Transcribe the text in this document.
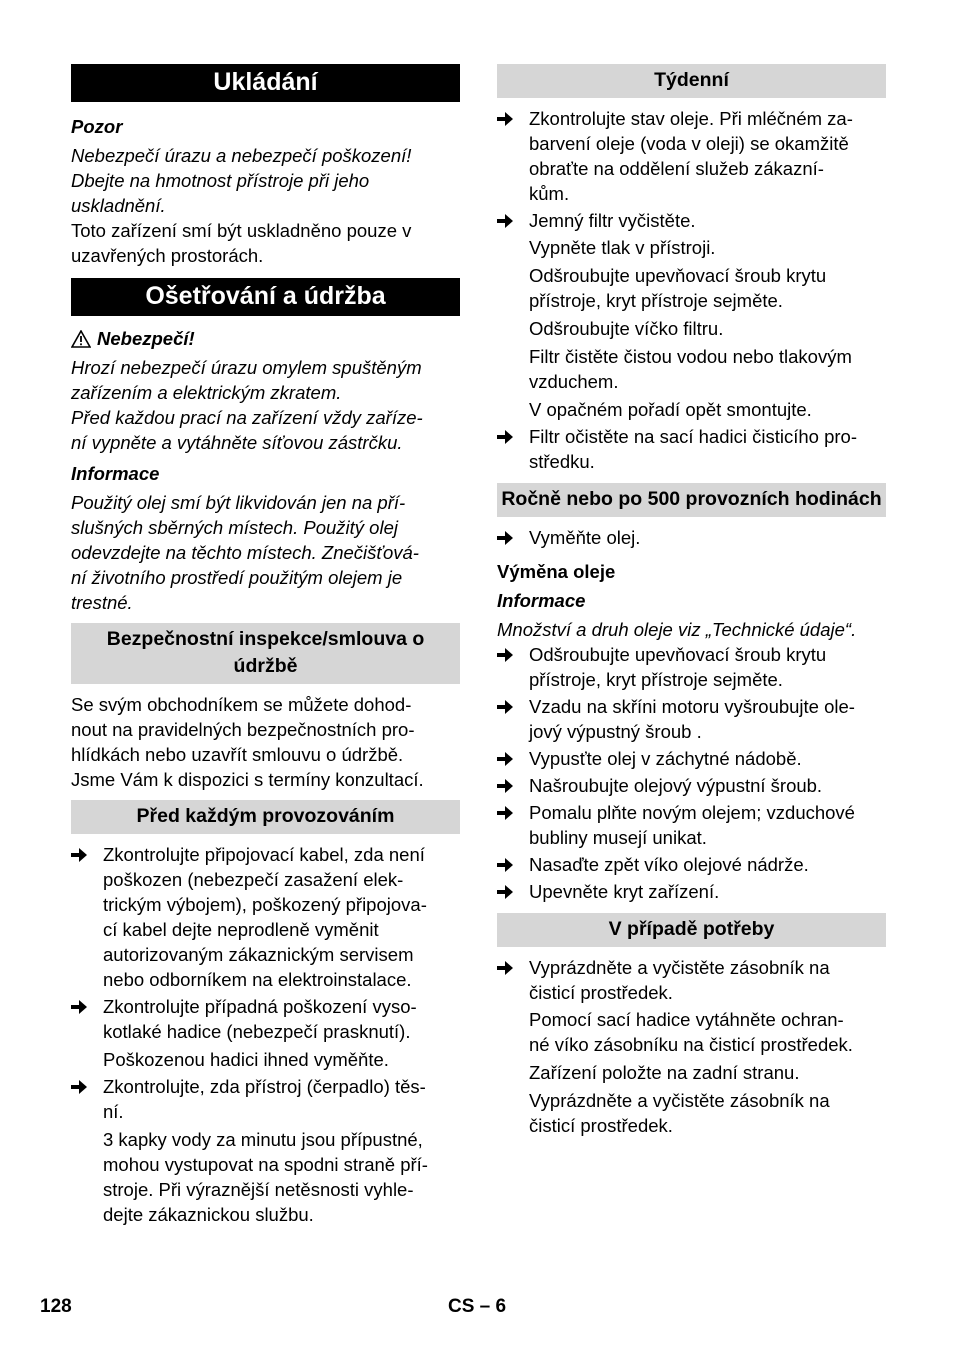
Ukládání
Pozor
Nebezpečí úrazu a nebezpečí poškození!
Dbejte na hmotnost přístroje při jeho
uskladnění.
Toto zařízení smí být uskladněno pouze v
uzavřených prostorách.
Ošetřování a údržba
Nebezpečí!
Hrozí nebezpečí úrazu omylem spuštěným
zařízením a elektrickým zkratem.
Před každou prací na zařízení vždy zaříze-
ní vypněte a vytáhněte síťovou zástrčku.
Informace
Použitý olej smí být likvidován jen na pří-
slušných sběrných místech. Použitý olej
odevzdejte na těchto místech. Znečišťová-
ní životního prostředí použitým olejem je
trestné.
Bezpečnostní inspekce/smlouva o údržbě
Se svým obchodníkem se můžete dohod-
nout na pravidelných bezpečnostních pro-
hlídkách nebo uzavřít smlouvu o údržbě.
Jsme Vám k dispozici s termíny konzultací.
Před každým provozováním
Zkontrolujte připojovací kabel, zda není
poškozen (nebezpečí zasažení elek-
trickým výbojem), poškozený připojova-
cí kabel dejte neprodleně vyměnit
autorizovaným zákaznickým servisem
nebo odborníkem na elektroinstalace.
Zkontrolujte případná poškození vyso-
kotlaké hadice (nebezpečí prasknutí).
Poškozenou hadici ihned vyměňte.
Zkontrolujte, zda přístroj (čerpadlo) těs-
ní.
3 kapky vody za minutu jsou přípustné,
mohou vystupovat na spodni straně pří-
stroje. Při výraznější netěsnosti vyhle-
dejte zákaznickou službu.
Týdenní
Zkontrolujte stav oleje. Při mléčném za-
barvení oleje (voda v oleji) se okamžitě
obraťte na oddělení služeb zákazní-
kům.
Jemný filtr vyčistěte.
Vypněte tlak v přístroji.
Odšroubujte upevňovací šroub krytu
přístroje, kryt přístroje sejměte.
Odšroubujte víčko filtru.
Filtr čistěte čistou vodou nebo tlakovým
vzduchem.
V opačném pořadí opět smontujte.
Filtr očistěte na sací hadici čisticího pro-
středku.
Ročně nebo po 500 provozních hodinách
Vyměňte olej.
Výměna oleje
Informace
Množství a druh oleje viz „Technické údaje“.
Odšroubujte upevňovací šroub krytu
přístroje, kryt přístroje sejměte.
Vzadu na skříni motoru vyšroubujte ole-
jový výpustný šroub .
Vypusťte olej v záchytné nádobě.
Našroubujte olejový výpustní šroub.
Pomalu plňte novým olejem; vzduchové
bubliny musejí unikat.
Nasaďte zpět víko olejové nádrže.
Upevněte kryt zařízení.
V případě potřeby
Vyprázdněte a vyčistěte zásobník na
čisticí prostředek.
Pomocí sací hadice vytáhněte ochran-
né víko zásobníku na čisticí prostředek.
Zařízení položte na zadní stranu.
Vyprázdněte a vyčistěte zásobník na
čisticí prostředek.
128	CS – 6
